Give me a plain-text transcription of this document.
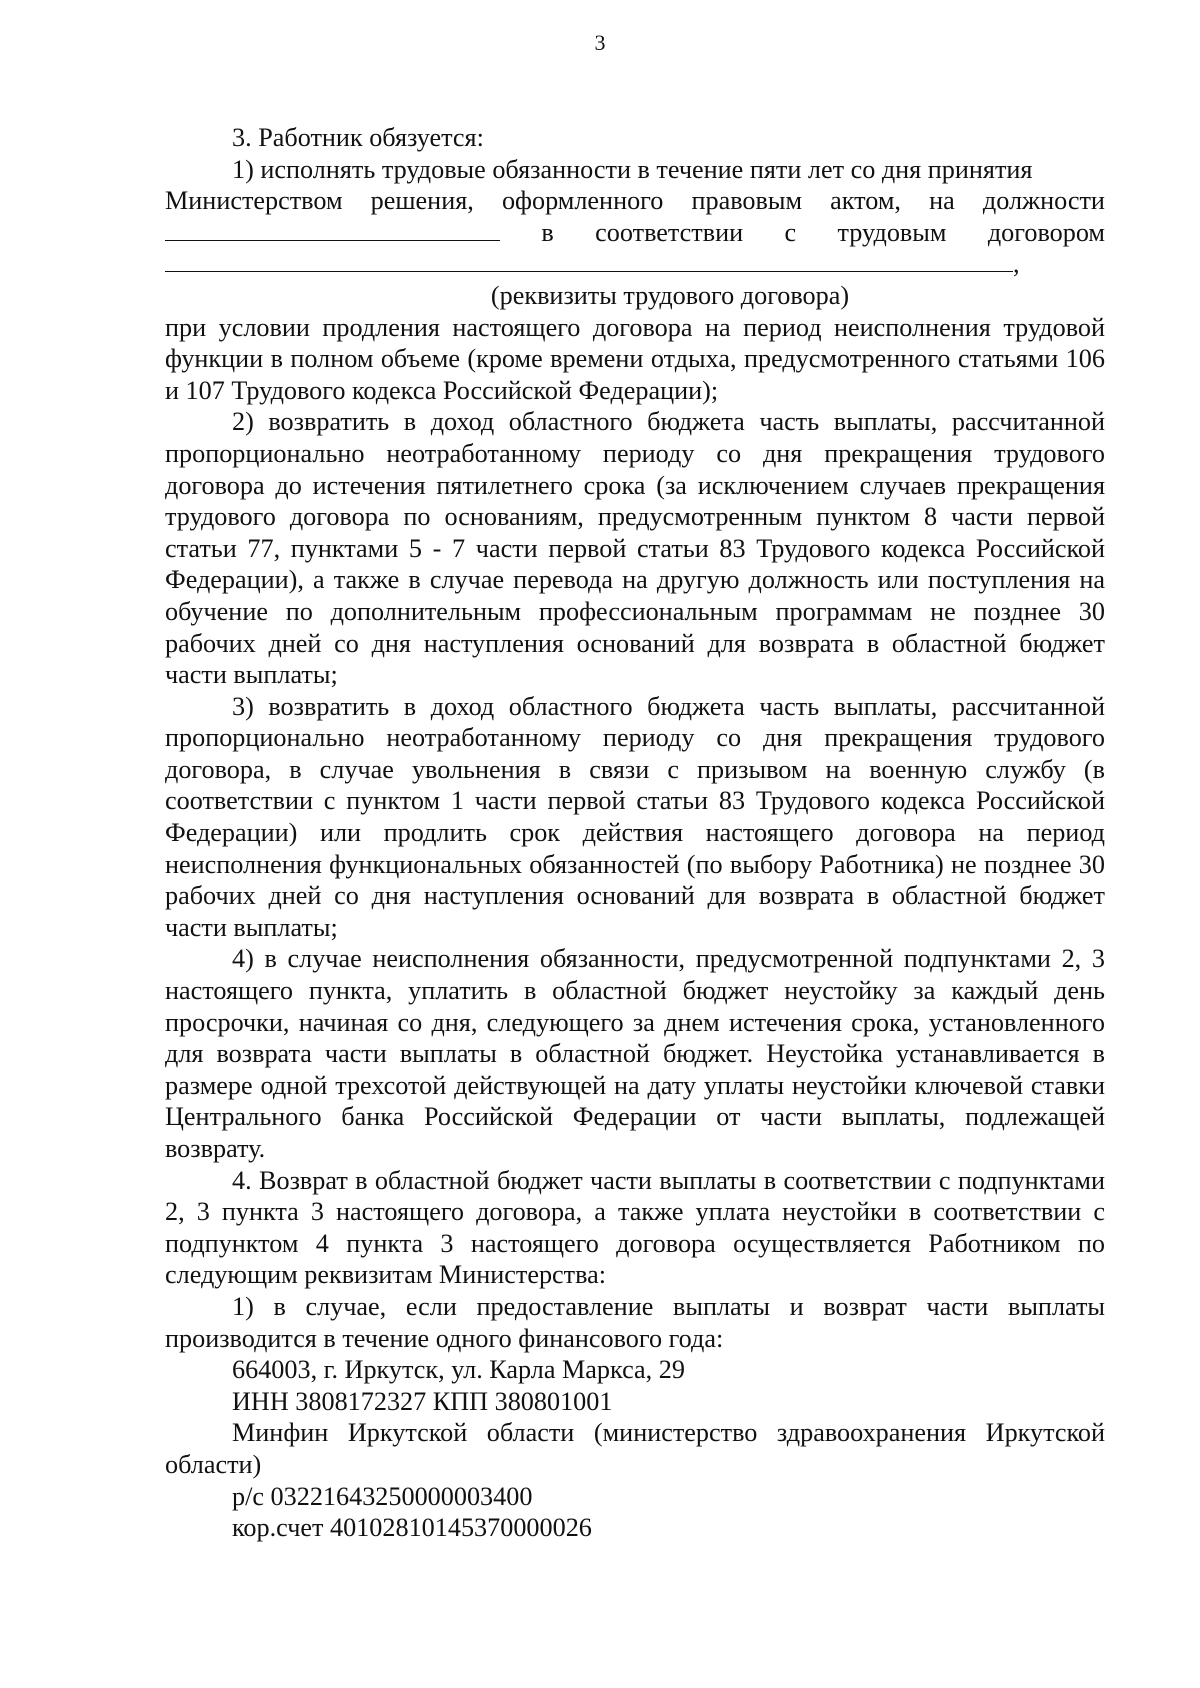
3

3. Работник обязуется:

1) исполнять трудовые обязанности в течение пяти лет со дня принятия

Министерством решения, оформленного правовым актом, на должности
в соответствии с трудовым договором
,

(реквизиты трудового договора)

при условии продления настоящего договора на период неисполнения трудовой функции в полном объеме (кроме времени отдыха, предусмотренного статьями 106 и 107 Трудового кодекса Российской Федерации);

2) возвратить в доход областного бюджета часть выплаты, рассчитанной пропорционально неотработанному периоду со дня прекращения трудового договора до истечения пятилетнего срока (за исключением случаев прекращения трудового договора по основаниям, предусмотренным пунктом 8 части первой статьи 77, пунктами 5 - 7 части первой статьи 83 Трудового кодекса Российской Федерации), а также в случае перевода на другую должность или поступления на обучение по дополнительным профессиональным программам не позднее 30 рабочих дней со дня наступления оснований для возврата в областной бюджет части выплаты;

3) возвратить в доход областного бюджета часть выплаты, рассчитанной пропорционально неотработанному периоду со дня прекращения трудового договора, в случае увольнения в связи с призывом на военную службу (в соответствии с пунктом 1 части первой статьи 83 Трудового кодекса Российской Федерации) или продлить срок действия настоящего договора на период неисполнения функциональных обязанностей (по выбору Работника) не позднее 30 рабочих дней со дня наступления оснований для возврата в областной бюджет части выплаты;

4) в случае неисполнения обязанности, предусмотренной подпунктами 2, 3 настоящего пункта, уплатить в областной бюджет неустойку за каждый день просрочки, начиная со дня, следующего за днем истечения срока, установленного для возврата части выплаты в областной бюджет. Неустойка устанавливается в размере одной трехсотой действующей на дату уплаты неустойки ключевой ставки Центрального банка Российской Федерации от части выплаты, подлежащей возврату.

4. Возврат в областной бюджет части выплаты в соответствии с подпунктами 2, 3 пункта 3 настоящего договора, а также уплата неустойки в соответствии с подпунктом 4 пункта 3 настоящего договора осуществляется Работником по следующим реквизитам Министерства:

1) в случае, если предоставление выплаты и возврат части выплаты производится в течение одного финансового года:

664003, г. Иркутск, ул. Карла Маркса, 29

ИНН 3808172327 КПП 380801001

Минфин Иркутской области (министерство здравоохранения Иркутской области)

р/с 03221643250000003400

кор.счет 40102810145370000026
